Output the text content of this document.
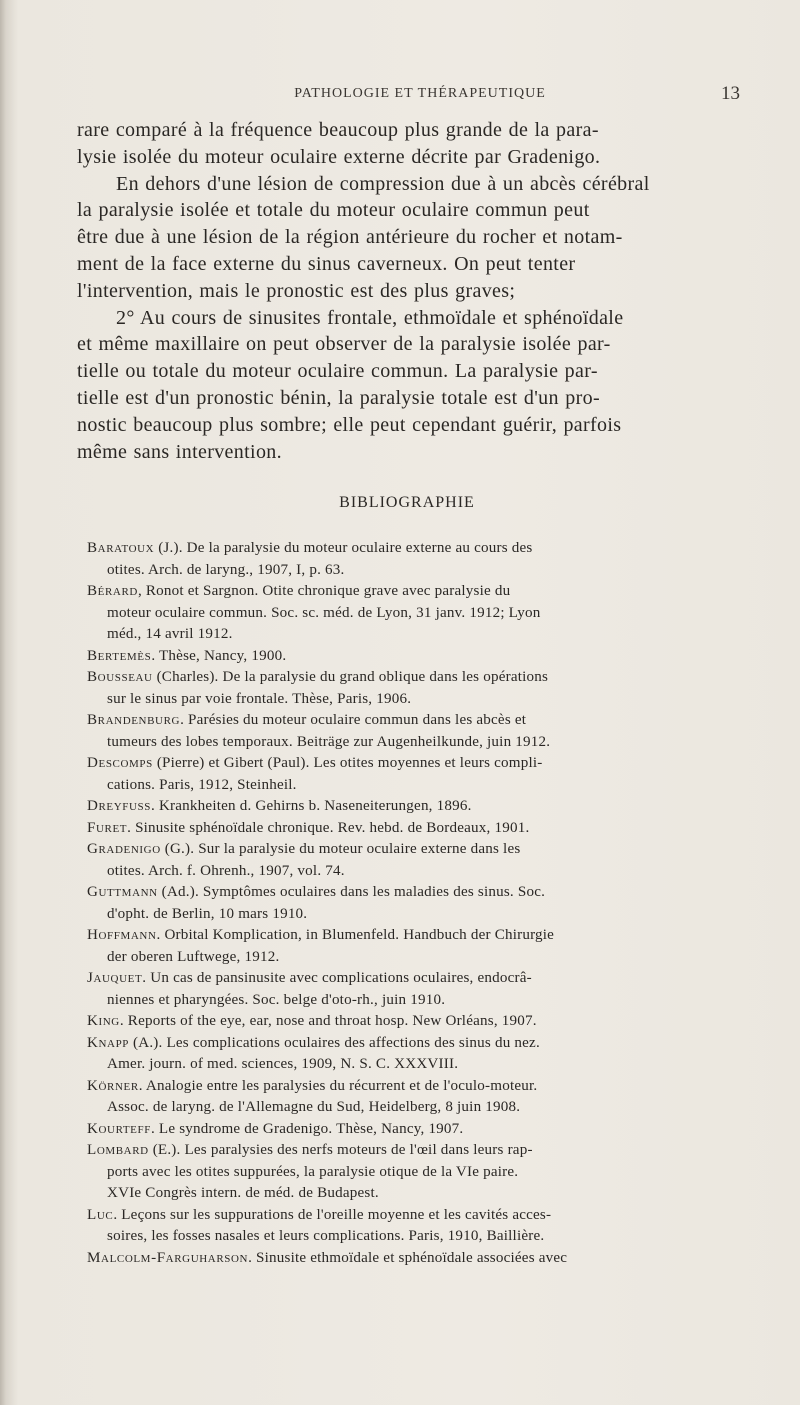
PATHOLOGIE ET THÉRAPEUTIQUE	13
rare comparé à la fréquence beaucoup plus grande de la para-
lysie isolée du moteur oculaire externe décrite par Gradenigo.
En dehors d'une lésion de compression due à un abcès cérébral
la paralysie isolée et totale du moteur oculaire commun peut
être due à une lésion de la région antérieure du rocher et notam-
ment de la face externe du sinus caverneux. On peut tenter
l'intervention, mais le pronostic est des plus graves;
2° Au cours de sinusites frontale, ethmoïdale et sphénoïdale
et même maxillaire on peut observer de la paralysie isolée par-
tielle ou totale du moteur oculaire commun. La paralysie par-
tielle est d'un pronostic bénin, la paralysie totale est d'un pro-
nostic beaucoup plus sombre; elle peut cependant guérir, parfois
même sans intervention.
BIBLIOGRAPHIE
Baratoux (J.). De la paralysie du moteur oculaire externe au cours des
otites. Arch. de laryng., 1907, I, p. 63.
Bérard, Ronot et Sargnon. Otite chronique grave avec paralysie du
moteur oculaire commun. Soc. sc. méd. de Lyon, 31 janv. 1912; Lyon
méd., 14 avril 1912.
Bertemès. Thèse, Nancy, 1900.
Bousseau (Charles). De la paralysie du grand oblique dans les opérations
sur le sinus par voie frontale. Thèse, Paris, 1906.
Brandenburg. Parésies du moteur oculaire commun dans les abcès et
tumeurs des lobes temporaux. Beiträge zur Augenheilkunde, juin 1912.
Descomps (Pierre) et Gibert (Paul). Les otites moyennes et leurs compli-
cations. Paris, 1912, Steinheil.
Dreyfuss. Krankheiten d. Gehirns b. Naseneiterungen, 1896.
Furet. Sinusite sphénoïdale chronique. Rev. hebd. de Bordeaux, 1901.
Gradenigo (G.). Sur la paralysie du moteur oculaire externe dans les
otites. Arch. f. Ohrenh., 1907, vol. 74.
Guttmann (Ad.). Symptômes oculaires dans les maladies des sinus. Soc.
d'opht. de Berlin, 10 mars 1910.
Hoffmann. Orbital Komplication, in Blumenfeld. Handbuch der Chirurgie
der oberen Luftwege, 1912.
Jauquet. Un cas de pansinusite avec complications oculaires, endocrâ-
niennes et pharyngées. Soc. belge d'oto-rh., juin 1910.
King. Reports of the eye, ear, nose and throat hosp. New Orléans, 1907.
Knapp (A.). Les complications oculaires des affections des sinus du nez.
Amer. journ. of med. sciences, 1909, N. S. C. XXXVIII.
Körner. Analogie entre les paralysies du récurrent et de l'oculo-moteur.
Assoc. de laryng. de l'Allemagne du Sud, Heidelberg, 8 juin 1908.
Kourteff. Le syndrome de Gradenigo. Thèse, Nancy, 1907.
Lombard (E.). Les paralysies des nerfs moteurs de l'œil dans leurs rap-
ports avec les otites suppurées, la paralysie otique de la VIe paire.
XVIe Congrès intern. de méd. de Budapest.
Luc. Leçons sur les suppurations de l'oreille moyenne et les cavités acces-
soires, les fosses nasales et leurs complications. Paris, 1910, Baillière.
Malcolm-Farguharson. Sinusite ethmoïdale et sphénoïdale associées avec
